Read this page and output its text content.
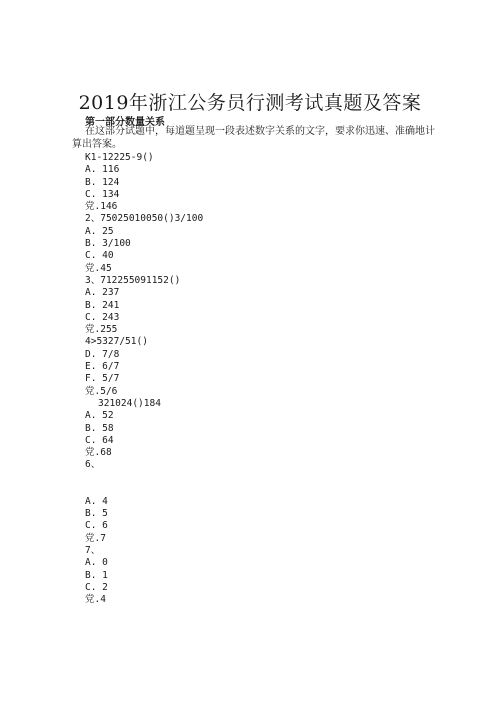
2019年浙江公务员行测考试真题及答案
第一部分数量关系
在这部分试题中，每道题呈现一段表述数字关系的文字，要求你迅速、准确地计算出答案。
K1-12225-9()
A. 116
B. 124
C. 134
党.146
2、75025010050()3/100
A. 25
B. 3/100
C. 40
党.45
3、712255091152()
A. 237
B. 241
C. 243
党.255
4>5327/51()
D. 7/8
E. 6/7
F. 5/7
党.5/6
321024()184
A. 52
B. 58
C. 64
党.68
6、
A. 4
B. 5
C. 6
党.7
7、
A. 0
B. 1
C. 2
党.4
